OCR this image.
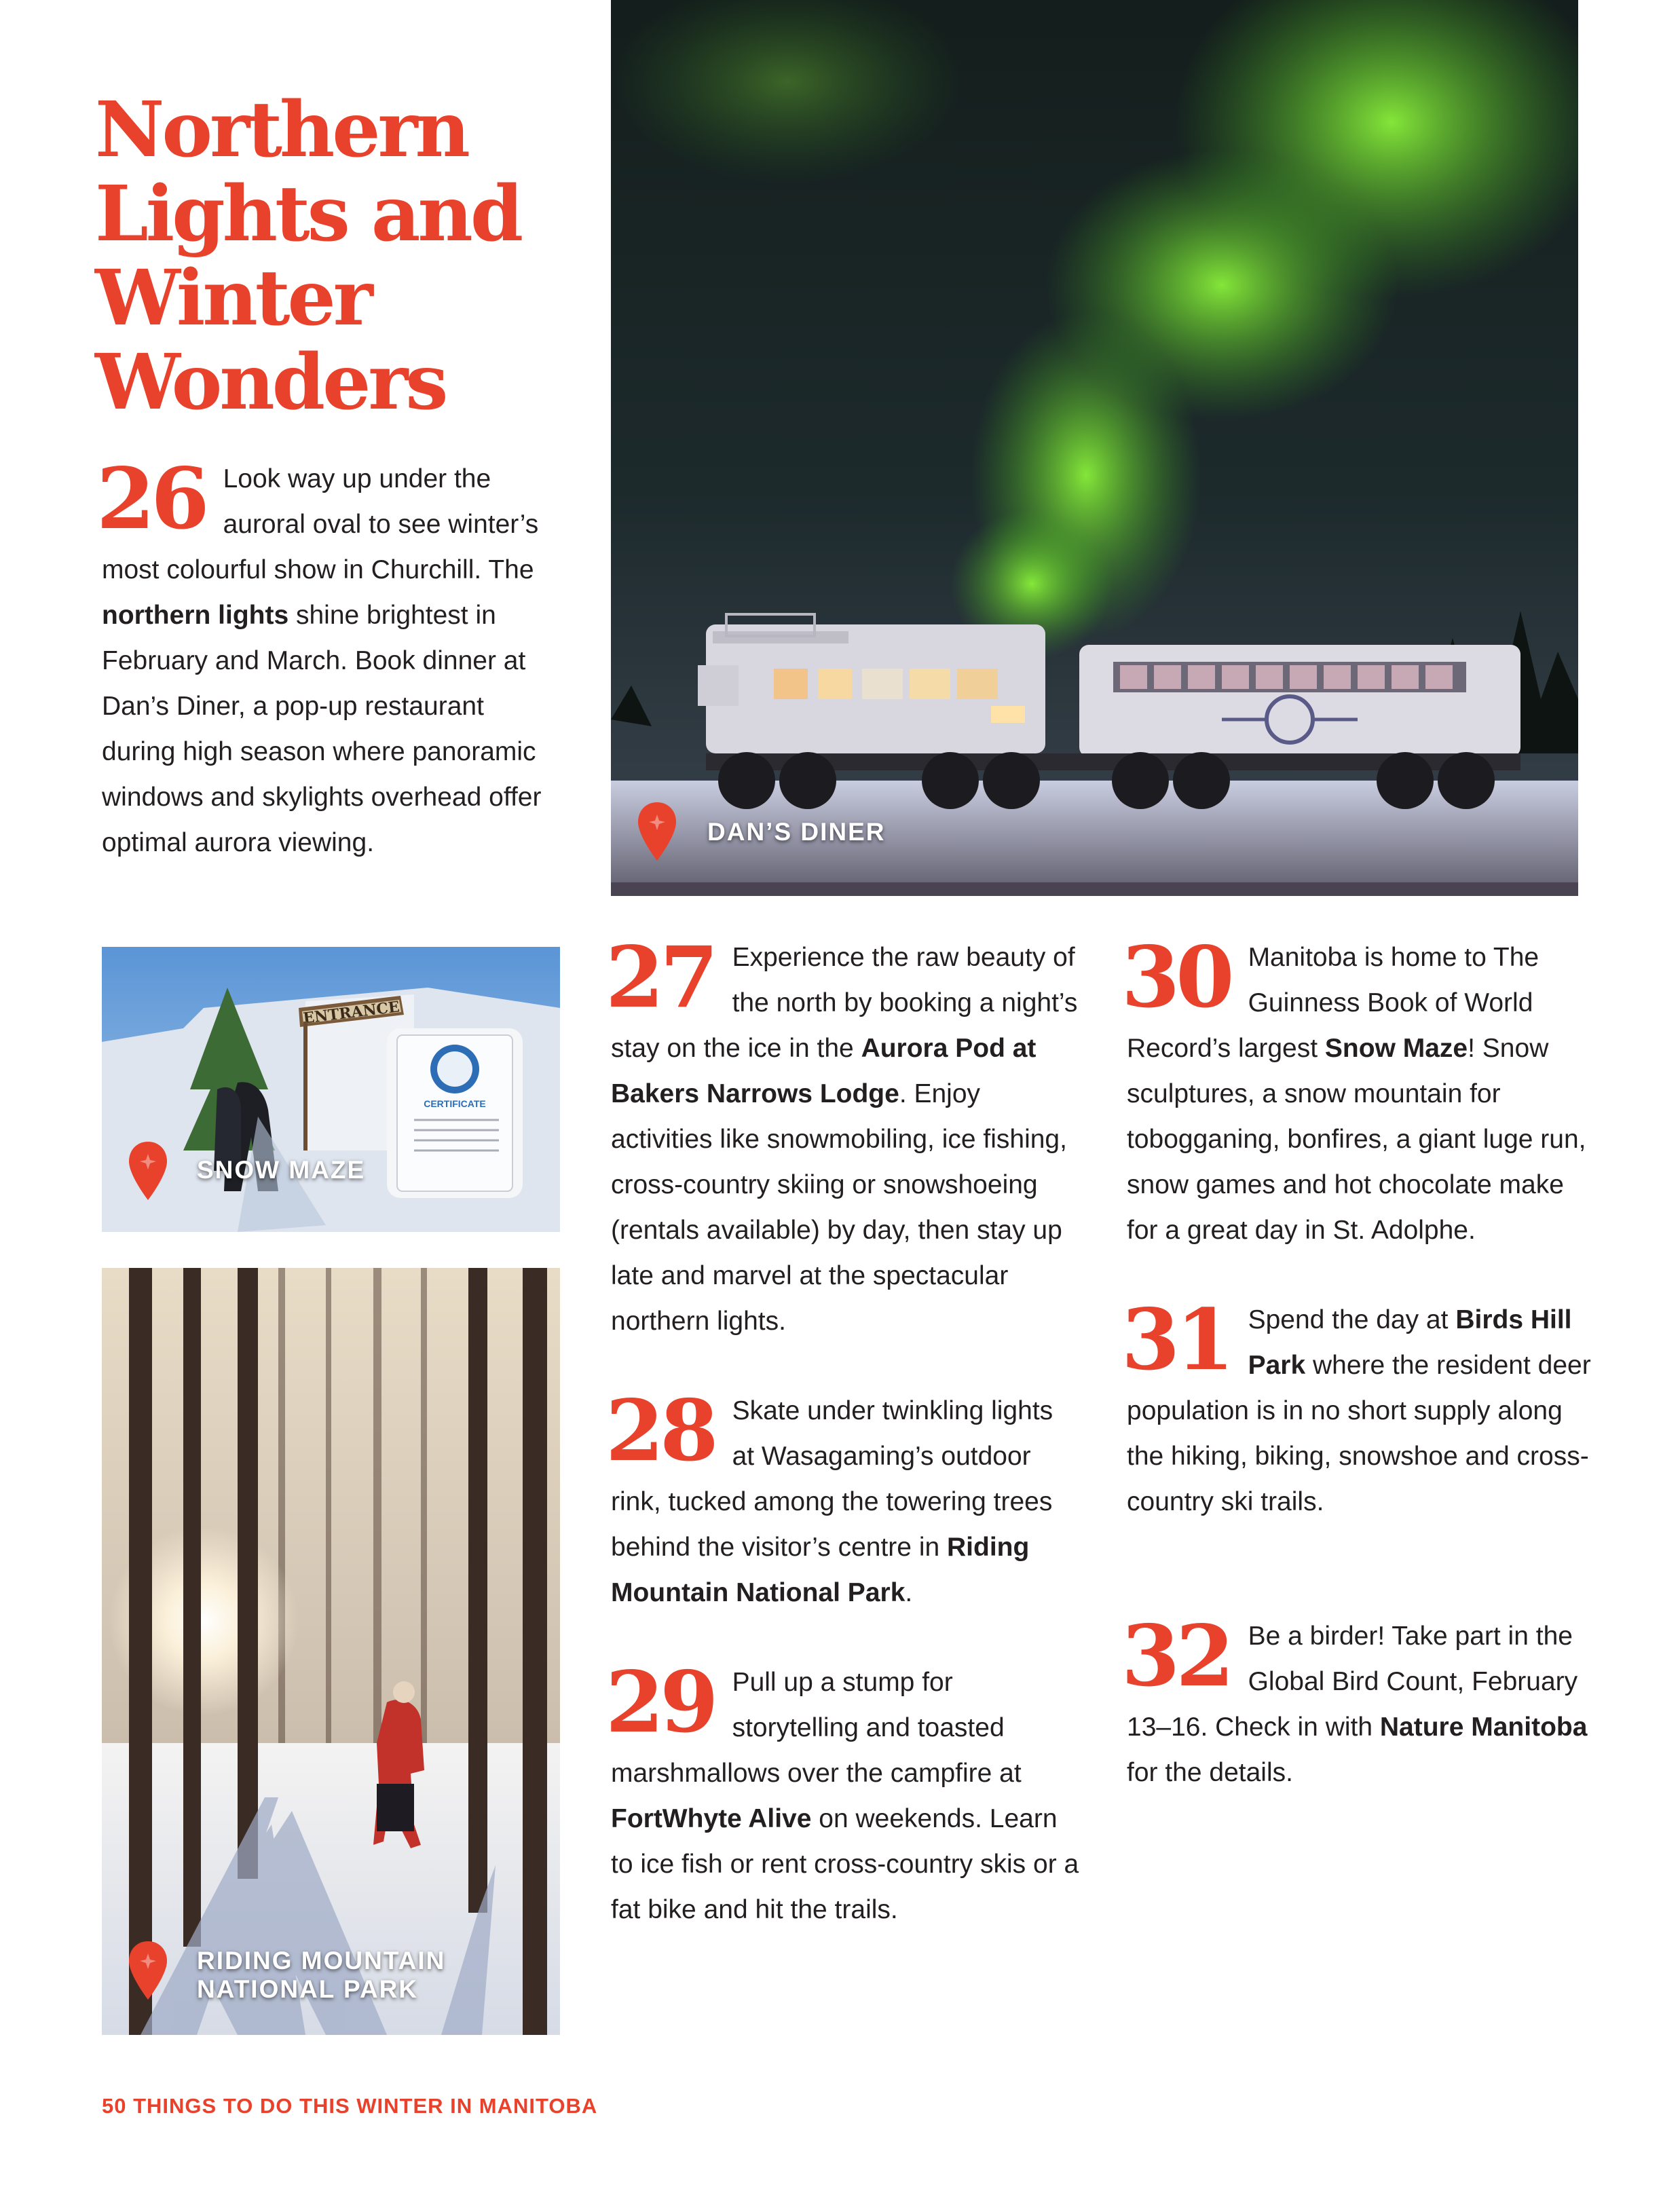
Northern Lights and Winter Wonders

26 Look way up under the auroral oval to see winter’s most colourful show in Churchill. The northern lights shine brightest in February and March. Book dinner at Dan’s Diner, a pop-up restaurant during high season where panoramic windows and skylights overhead offer optimal aurora viewing.	DAN’S DINER
CERTIFICATE
ENTRANCE
SNOW MAZE
RIDING MOUNTAIN
NATIONAL PARK

27 Experience the raw beauty of the north by booking a night’s stay on the ice in the Aurora Pod at Bakers Narrows Lodge. Enjoy activities like snowmobiling, ice fishing, cross-country skiing or snowshoeing (rentals available) by day, then stay up late and marvel at the spectacular northern lights.

28 Skate under twinkling lights at Wasagaming’s outdoor rink, tucked among the towering trees behind the visitor’s centre in Riding Mountain National Park.

29 Pull up a stump for storytelling and toasted marshmallows over the campfire at FortWhyte Alive on weekends. Learn to ice fish or rent cross-country skis or a fat bike and hit the trails.

30 Manitoba is home to The Guinness Book of World Record’s largest Snow Maze! Snow sculptures, a snow mountain for tobogganing, bonfires, a giant luge run, snow games and hot chocolate make for a great day in St. Adolphe.

31 Spend the day at Birds Hill Park where the resident deer population is in no short supply along the hiking, biking, snowshoe and cross-country ski trails.

32 Be a birder! Take part in the Global Bird Count, February 13–16. Check in with Nature Manitoba for the details.

50 THINGS TO DO THIS WINTER IN MANITOBA
